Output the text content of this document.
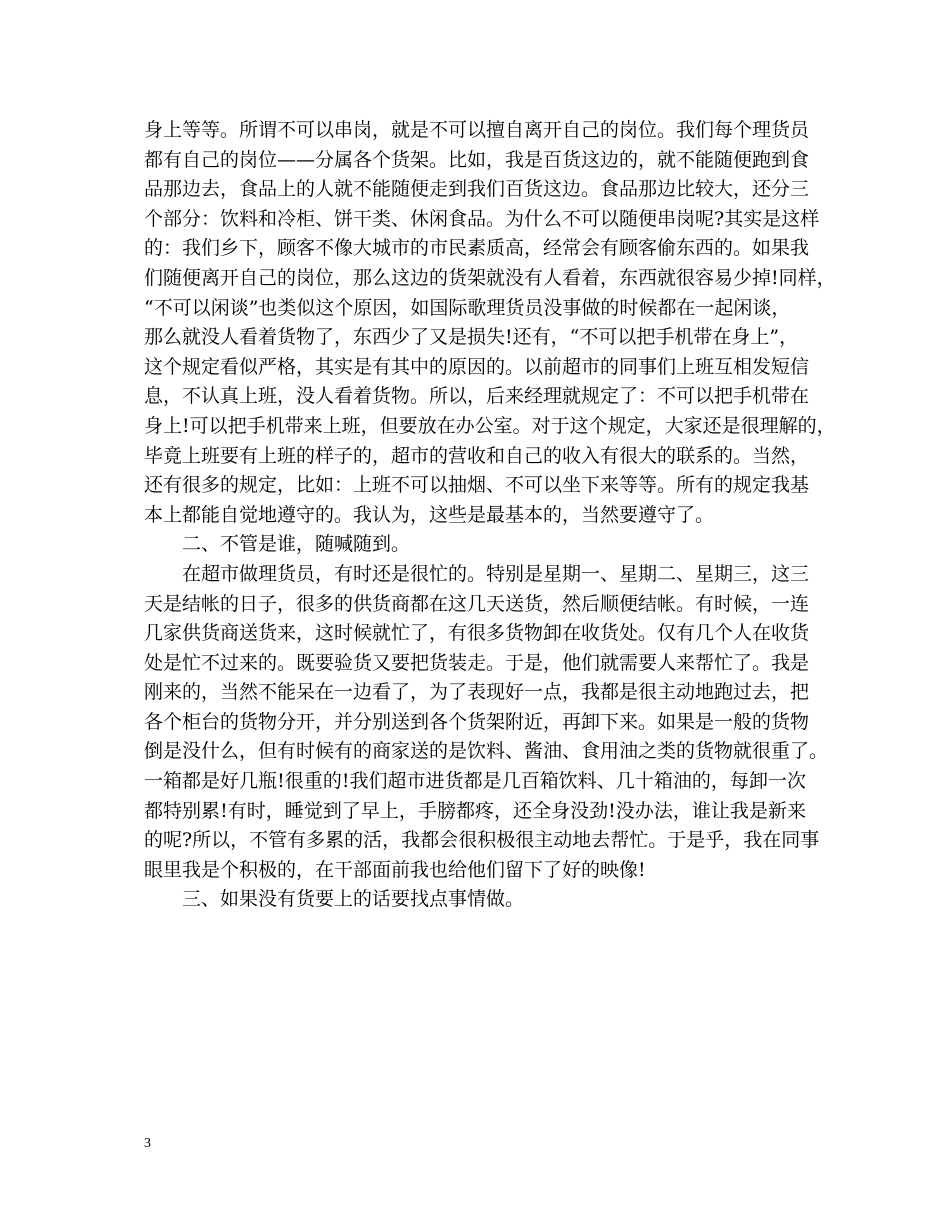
身上等等。所谓不可以串岗，就是不可以擅自离开自己的岗位。我们每个理货员
都有自己的岗位——分属各个货架。比如，我是百货这边的，就不能随便跑到食
品那边去，食品上的人就不能随便走到我们百货这边。食品那边比较大，还分三
个部分：饮料和冷柜、饼干类、休闲食品。为什么不可以随便串岗呢?其实是这样
的：我们乡下，顾客不像大城市的市民素质高，经常会有顾客偷东西的。如果我
们随便离开自己的岗位，那么这边的货架就没有人看着，东西就很容易少掉!同样，
“不可以闲谈”也类似这个原因，如国际歌理货员没事做的时候都在一起闲谈，
那么就没人看着货物了，东西少了又是损失!还有，“不可以把手机带在身上”，
这个规定看似严格，其实是有其中的原因的。以前超市的同事们上班互相发短信
息，不认真上班，没人看着货物。所以，后来经理就规定了：不可以把手机带在
身上!可以把手机带来上班，但要放在办公室。对于这个规定，大家还是很理解的，
毕竟上班要有上班的样子的，超市的营收和自己的收入有很大的联系的。当然，
还有很多的规定，比如：上班不可以抽烟、不可以坐下来等等。所有的规定我基
本上都能自觉地遵守的。我认为，这些是最基本的，当然要遵守了。
二、不管是谁，随喊随到。
在超市做理货员，有时还是很忙的。特别是星期一、星期二、星期三，这三
天是结帐的日子，很多的供货商都在这几天送货，然后顺便结帐。有时候，一连
几家供货商送货来，这时候就忙了，有很多货物卸在收货处。仅有几个人在收货
处是忙不过来的。既要验货又要把货装走。于是，他们就需要人来帮忙了。我是
刚来的，当然不能呆在一边看了，为了表现好一点，我都是很主动地跑过去，把
各个柜台的货物分开，并分别送到各个货架附近，再卸下来。如果是一般的货物
倒是没什么，但有时候有的商家送的是饮料、酱油、食用油之类的货物就很重了。
一箱都是好几瓶!很重的!我们超市进货都是几百箱饮料、几十箱油的，每卸一次
都特别累!有时，睡觉到了早上，手膀都疼，还全身没劲!没办法，谁让我是新来
的呢?所以，不管有多累的活，我都会很积极很主动地去帮忙。于是乎，我在同事
眼里我是个积极的，在干部面前我也给他们留下了好的映像!
三、如果没有货要上的话要找点事情做。
3
